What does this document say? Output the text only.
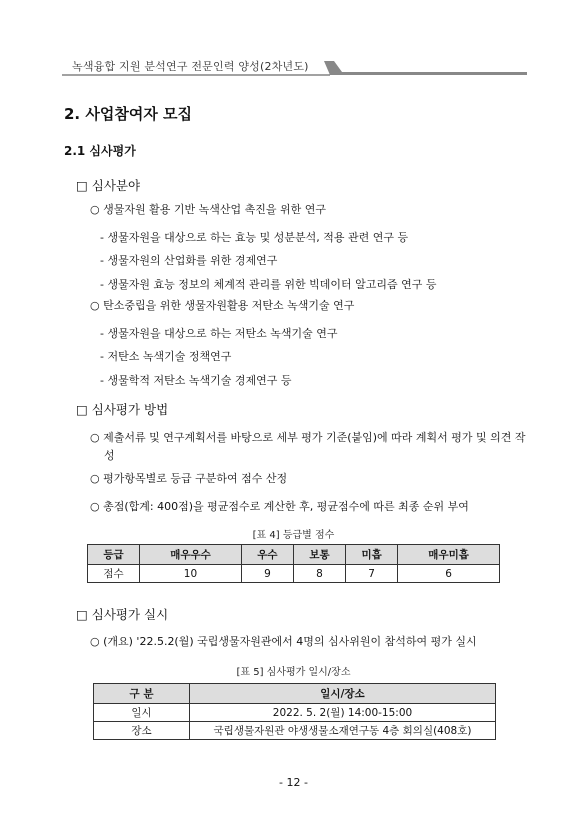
녹색융합 지원 분석연구 전문인력 양성(2차년도)
2. 사업참여자 모집
2.1 심사평가
□ 심사분야
○ 생물자원 활용 기반 녹색산업 촉진을 위한 연구
- 생물자원을 대상으로 하는 효능 및 성분분석, 적용 관련 연구 등
- 생물자원의 산업화를 위한 경제연구
- 생물자원 효능 정보의 체계적 관리를 위한 빅데이터 알고리즘 연구 등
○ 탄소중립을 위한 생물자원활용 저탄소 녹색기술 연구
- 생물자원을 대상으로 하는 저탄소 녹색기술 연구
- 저탄소 녹색기술 정책연구
- 생물학적 저탄소 녹색기술 경제연구 등
□ 심사평가 방법
○ 제출서류 및 연구계획서를 바탕으로 세부 평가 기준(붙임)에 따라 계획서 평가 및 의견 작성
○ 평가항목별로 등급 구분하여 점수 산정
○ 총점(합계: 400점)을 평균점수로 계산한 후, 평균점수에 따른 최종 순위 부여
[표 4] 등급별 점수
등급	매우우수	우수	보통	미흡	매우미흡
점수	10	9	8	7	6
□ 심사평가 실시
○ (개요) '22.5.2(월) 국립생물자원관에서 4명의 심사위원이 참석하여 평가 실시
[표 5] 심사평가 일시/장소
구 분	일시/장소
일시	2022. 5. 2(월) 14:00-15:00
장소	국립생물자원관 야생생물소재연구동 4층 회의실(408호)
- 12 -
